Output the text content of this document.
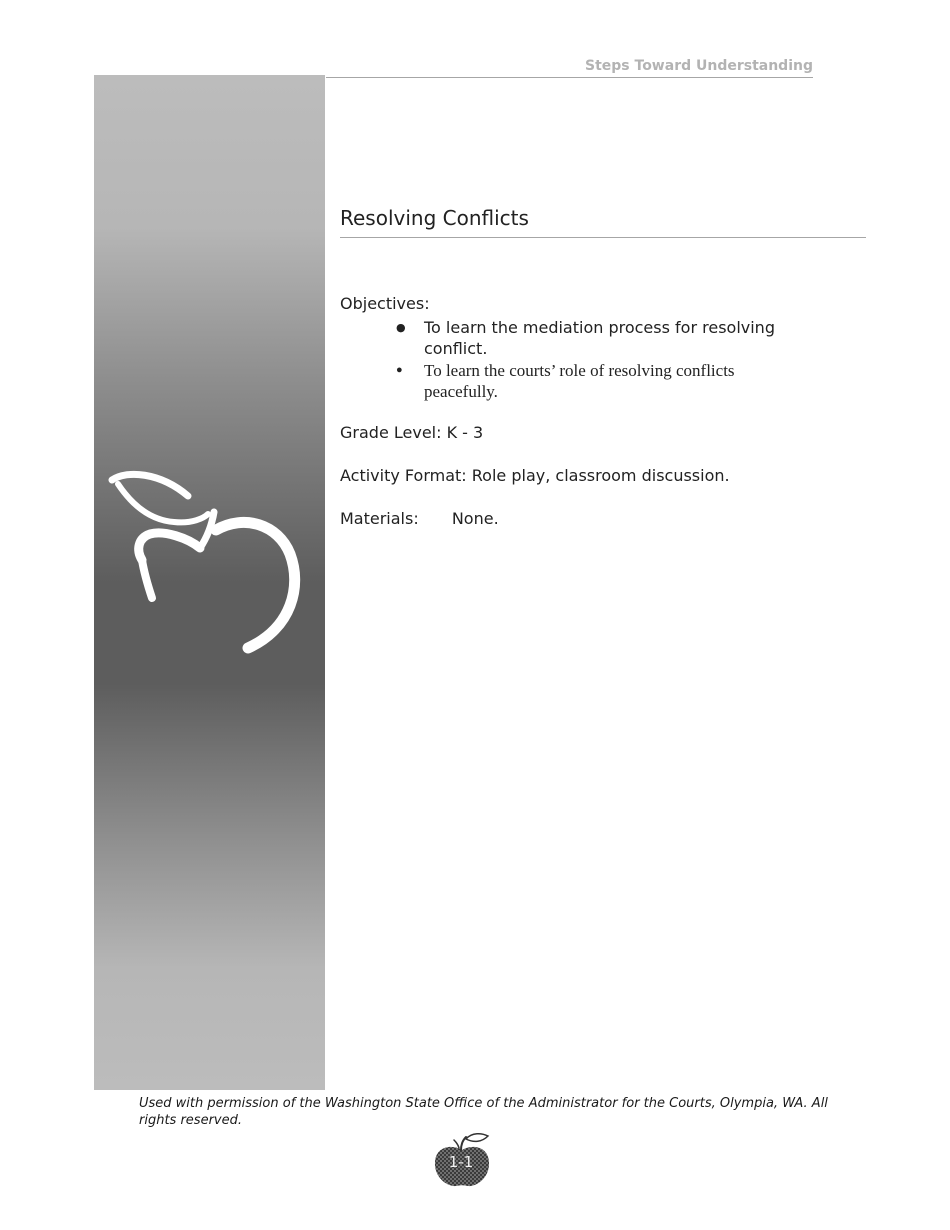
Steps Toward Understanding
Resolving Conflicts
Objectives:
● To learn the mediation process for resolving conflict.
● To learn the courts’ role of resolving conflicts peacefully.
Grade Level: K - 3
Activity Format: Role play, classroom discussion.
Materials: None.

Used with permission of the Washington State Office of the Administrator for the Courts, Olympia, WA. All rights reserved.

1-1
